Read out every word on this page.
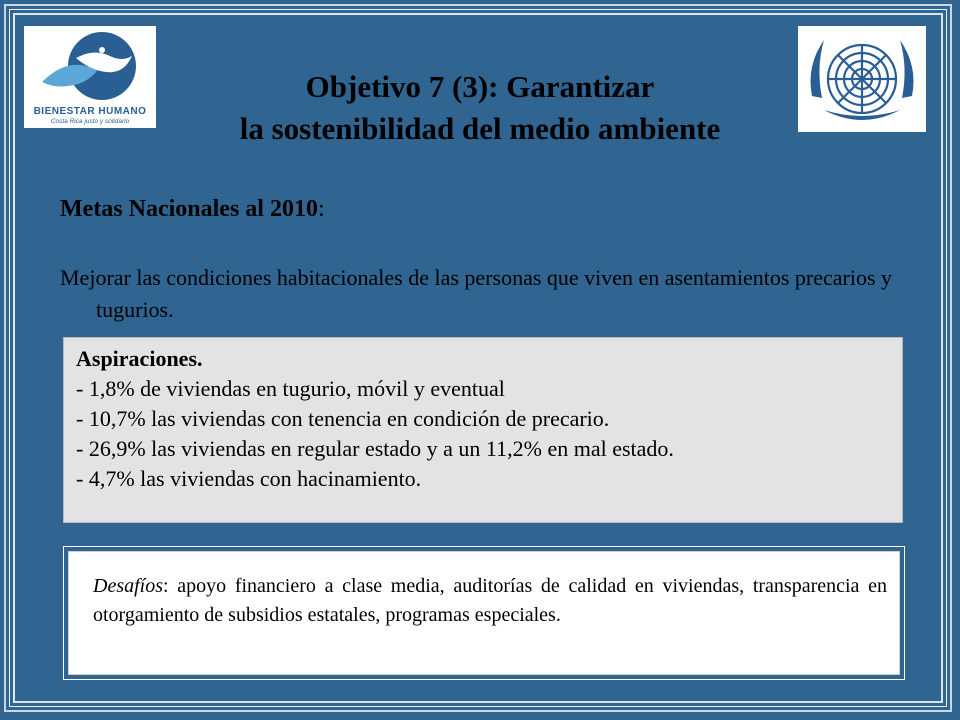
BIENESTAR HUMANO
Costa Rica justo y solidario
Objetivo 7 (3): Garantizar
la sostenibilidad del medio ambiente
Metas Nacionales al 2010:
Mejorar las condiciones habitacionales de las personas que viven en asentamientos precarios y tugurios.
Aspiraciones.
- 1,8% de viviendas en tugurio, móvil y eventual
- 10,7% las viviendas con tenencia en condición de precario.
- 26,9% las viviendas en regular estado y a un 11,2% en mal estado.
- 4,7% las viviendas con hacinamiento.
Desafíos: apoyo financiero a clase media, auditorías de calidad en viviendas, transparencia en otorgamiento de subsidios estatales, programas especiales.
